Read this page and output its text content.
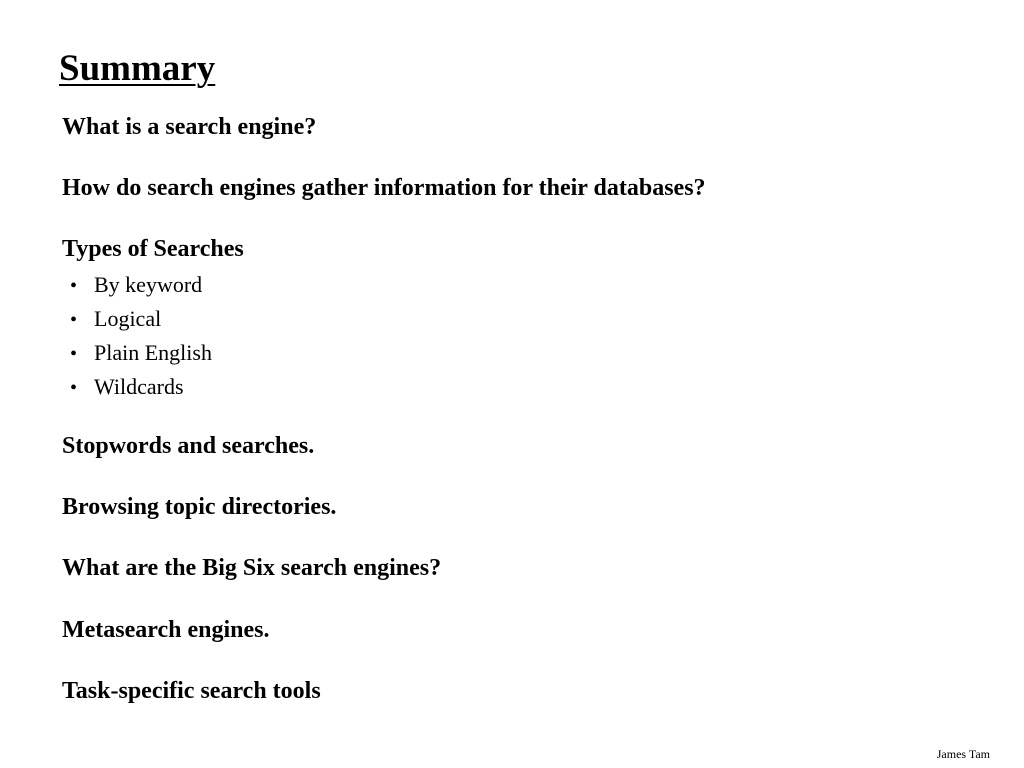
Summary
What is a search engine?
How do search engines gather information for their databases?
Types of Searches
• By keyword
• Logical
• Plain English
• Wildcards
Stopwords and searches.
Browsing topic directories.
What are the Big Six search engines?
Metasearch engines.
Task-specific search tools
James Tam
